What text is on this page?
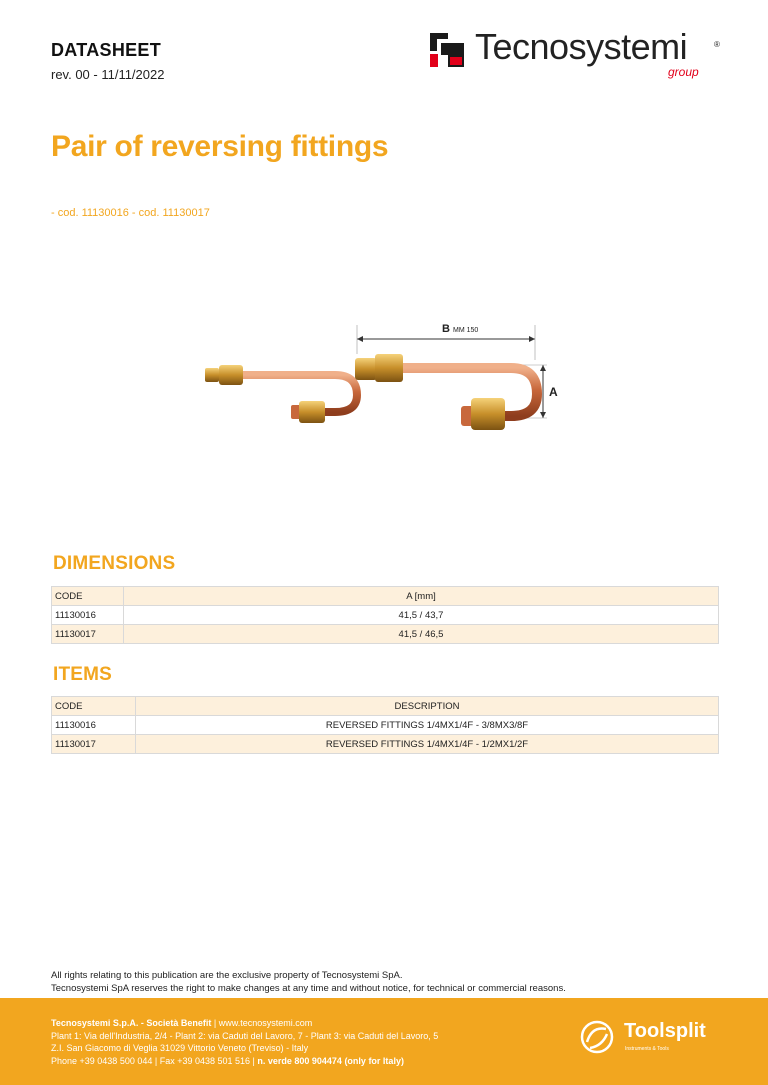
DATASHEET
rev. 00 - 11/11/2022
Tecnosystemi	®
group
Pair of reversing fittings
- cod. 11130016 - cod. 11130017
B MM 150
A
DIMENSIONS
CODE	A [mm]
11130016	41,5 / 43,7
11130017	41,5 / 46,5
ITEMS
CODE	DESCRIPTION
11130016	REVERSED FITTINGS 1/4MX1/4F - 3/8MX3/8F
11130017	REVERSED FITTINGS 1/4MX1/4F - 1/2MX1/2F
All rights relating to this publication are the exclusive property of Tecnosystemi SpA.
Tecnosystemi SpA reserves the right to make changes at any time and without notice, for technical or commercial reasons.
Tecnosystemi S.p.A. - Società Benefit | www.tecnosystemi.com
Plant 1: Via dell'Industria, 2/4 - Plant 2: via Caduti del Lavoro, 7 - Plant 3: via Caduti del Lavoro, 5
Z.I. San Giacomo di Veglia 31029 Vittorio Veneto (Treviso) - Italy
Phone +39 0438 500 044 | Fax +39 0438 501 516 | n. verde 800 904474 (only for Italy)
Toolsplit
Instruments & Tools
